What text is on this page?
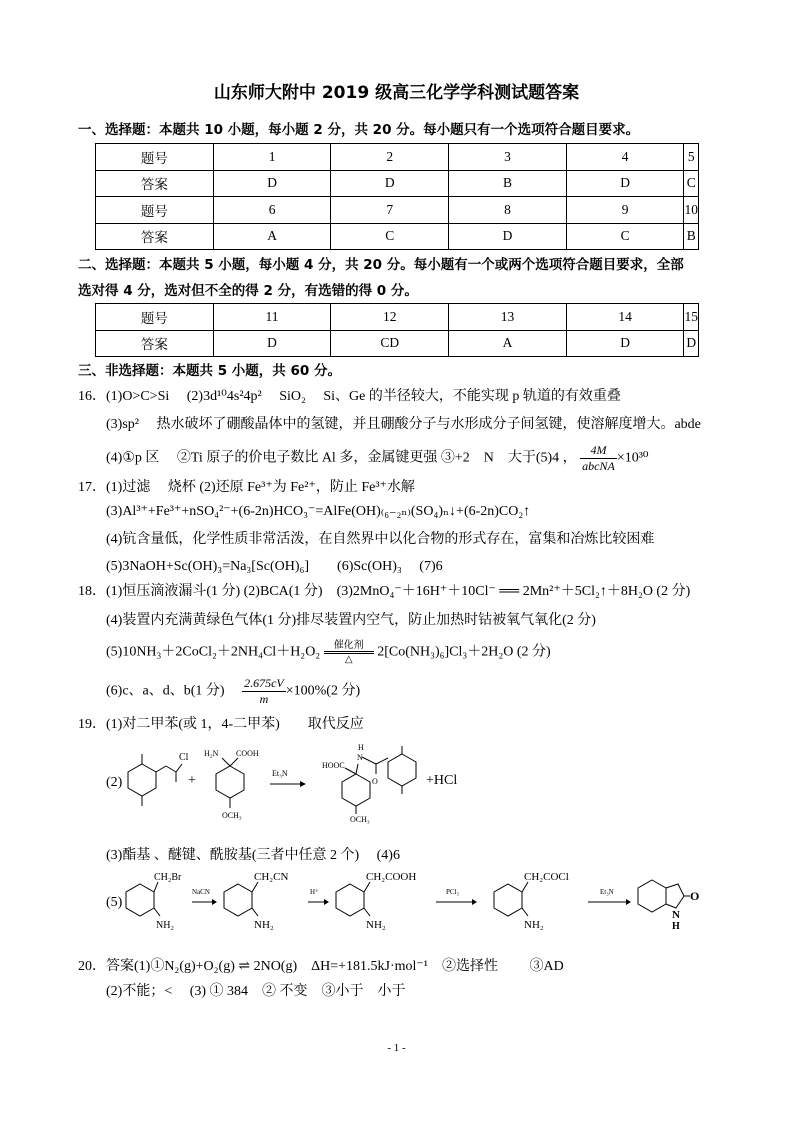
山东师大附中 2019 级高三化学学科测试题答案
一、选择题：本题共 10 小题，每小题 2 分，共 20 分。每小题只有一个选项符合题目要求。
题号	1	2	3	4	5
答案	D	D	B	D	C
题号	6	7	8	9	10
答案	A	C	D	C	B
二、选择题：本题共 5 小题，每小题 4 分，共 20 分。每小题有一个或两个选项符合题目要求，全部
选对得 4 分，选对但不全的得 2 分，有选错的得 0 分。
题号	11	12	13	14	15
答案	D	CD	A	D	D
三、非选择题：本题共 5 小题，共 60 分。
16．(1)O>C>Si　 (2)3d¹⁰4s²4p²　 SiO₂　 Si、Ge 的半径较大，不能实现 p 轨道的有效重叠
(3)sp²　 热水破坏了硼酸晶体中的氢键，并且硼酸分子与水形成分子间氢键，使溶解度增大。abde
(4)①p 区　 ②Ti 原子的价电子数比 Al 多，金属键更强 ③+2　N　大于(5)4 ， $\frac{4M}{\text{abcNA}} \times 10^{30}$
17．(1)过滤　 烧杯 (2)还原 Fe³⁺为 Fe²⁺，防止 Fe³⁺水解
(3)Al³⁺+Fe³⁺+nSO₄²⁻+(6-2n)HCO₃⁻=AlFe(OH)₍₆₋₂ₙ₎(SO₄)ₙ↓+(6-2n)CO₂↑
(4)钪含量低，化学性质非常活泼，在自然界中以化合物的形式存在，富集和冶炼比较困难
(5)3NaOH+Sc(OH)₃=Na₃[Sc(OH)₆]　　(6)Sc(OH)₃　 (7)6
18．(1)恒压滴液漏斗(1 分) (2)BCA(1 分)　(3)2MnO₄⁻＋16H⁺＋10Cl⁻ ══ 2Mn²⁺＋5Cl₂↑＋8H₂O (2 分)
(4)装置内充满黄绿色气体(1 分)排尽装置内空气，防止加热时钴被氧气氧化(2 分)
(5)10NH₃＋2CoCl₂＋2NH₄Cl＋H₂O₂	催化剂
△	2[Co(NH₃)₆]Cl₃＋2H₂O (2 分)
(6)c、a、d、b(1 分)　 $\frac{2.675cV}{m} \times 100\%(2$ 分)
19．(1)对二甲苯(或 1，4-二甲苯)　　取代反应
(2)
Cl
+
H₂N COOH
OCH₃
Et₃N
H
N
HOOC
O
OCH₃
+HCl
(3)酯基 、醚键、酰胺基(三者中任意 2 个)　 (4)6
(5)
CH₂Br
NH₂
NaCN
CH₂CN
NH₂
H⁺
CH₂COOH
NH₂
PCl₃
CH₂COCl
NH₂
Et₃N	O
N
H
20．答案(1)①N₂(g)+O₂(g) ⇌ 2NO(g)　ΔH=+181.5kJ·mol⁻¹　②选择性　　 ③AD
(2)不能；<　 (3) ① 384　② 不变　③小于　小于
- 1 -
